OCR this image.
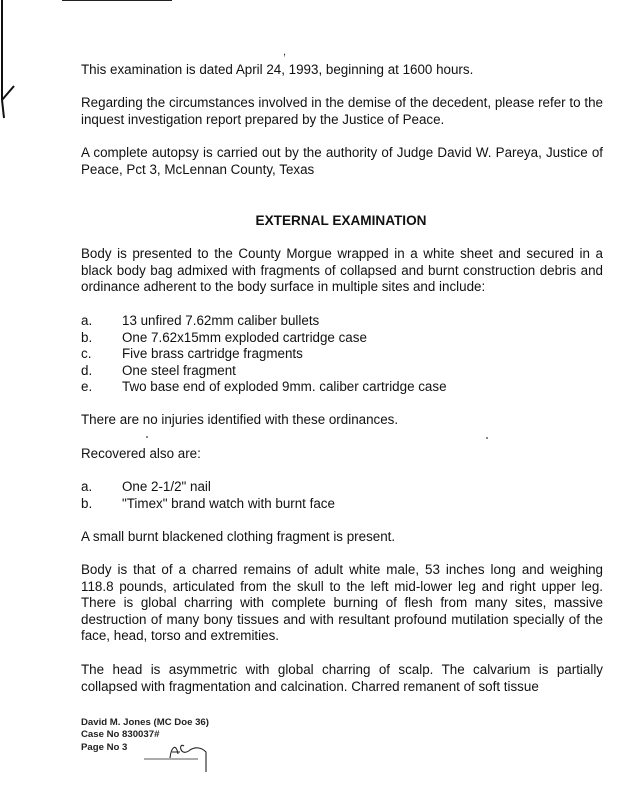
,

This examination is dated April 24, 1993, beginning at 1600 hours.

Regarding the circumstances involved in the demise of the decedent, please refer to the inquest investigation report prepared by the Justice of Peace.

A complete autopsy is carried out by the authority of Judge David W. Pareya, Justice of Peace, Pct 3, McLennan County, Texas

EXTERNAL EXAMINATION

Body is presented to the County Morgue wrapped in a white sheet and secured in a black body bag admixed with fragments of collapsed and burnt construction debris and ordinance adherent to the body surface in multiple sites and include:

a. 13 unfired 7.62mm caliber bullets
b. One 7.62x15mm exploded cartridge case
c. Five brass cartridge fragments
d. One steel fragment
e. Two base end of exploded 9mm. caliber cartridge case

There are no injuries identified with these ordinances.

Recovered also are:

a. One 2-1/2" nail
b. "Timex" brand watch with burnt face

A small burnt blackened clothing fragment is present.

Body is that of a charred remains of adult white male, 53 inches long and weighing 118.8 pounds, articulated from the skull to the left mid-lower leg and right upper leg. There is global charring with complete burning of flesh from many sites, massive destruction of many bony tissues and with resultant profound mutilation specially of the face, head, torso and extremities.

The head is asymmetric with global charring of scalp. The calvarium is partially collapsed with fragmentation and calcination. Charred remanent of soft tissue

David M. Jones (MC Doe 36)
Case No 830037#
Page No 3
